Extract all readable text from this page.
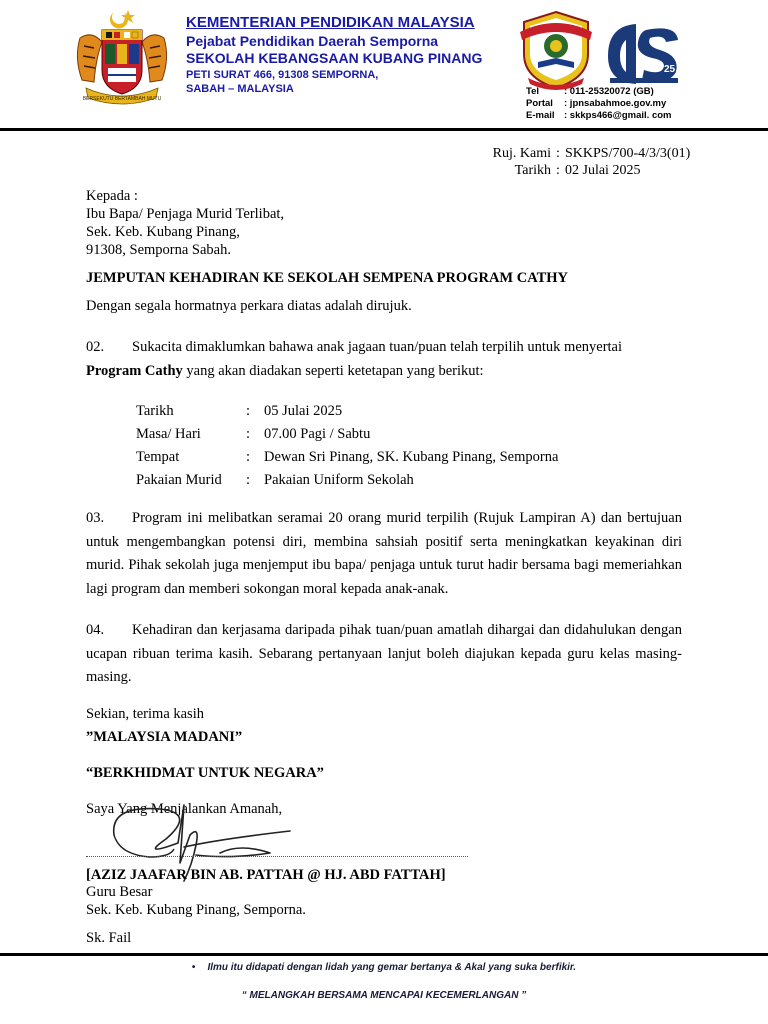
BERSEKUTU BERTAMBAH MUTU
KEMENTERIAN PENDIDIKAN MALAYSIA
Pejabat Pendidikan Daerah Semporna
SEKOLAH KEBANGSAAN KUBANG PINANG
PETI SURAT 466, 91308 SEMPORNA,
SABAH – MALAYSIA
25
Tel	: 011-25320072 (GB)
Portal : jpnsabahmoe.gov.my
E-mail : skkps466@gmail. com
Ruj. Kami : SKKPS/700-4/3/3(01)
Tarikh : 02 Julai 2025
Kepada :
Ibu Bapa/ Penjaga Murid Terlibat,
Sek. Keb. Kubang Pinang,
91308, Semporna Sabah.
JEMPUTAN KEHADIRAN KE SEKOLAH SEMPENA PROGRAM CATHY
Dengan segala hormatnya perkara diatas adalah dirujuk.
02. Sukacita dimaklumkan bahawa anak jagaan tuan/puan telah terpilih untuk menyertai
Program Cathy yang akan diadakan seperti ketetapan yang berikut:
Tarikh	: 05 Julai 2025
Masa/ Hari	: 07.00 Pagi / Sabtu
Tempat	: Dewan Sri Pinang, SK. Kubang Pinang, Semporna
Pakaian Murid : Pakaian Uniform Sekolah
03. Program ini melibatkan seramai 20 orang murid terpilih (Rujuk Lampiran A) dan bertujuan untuk mengembangkan potensi diri, membina sahsiah positif serta meningkatkan keyakinan diri murid. Pihak sekolah juga menjemput ibu bapa/ penjaga untuk turut hadir bersama bagi memeriahkan lagi program dan memberi sokongan moral kepada anak-anak.
04. Kehadiran dan kerjasama daripada pihak tuan/puan amatlah dihargai dan didahulukan dengan ucapan ribuan terima kasih. Sebarang pertanyaan lanjut boleh diajukan kepada guru kelas masing-masing.
Sekian, terima kasih
”MALAYSIA MADANI”
“BERKHIDMAT UNTUK NEGARA”
Saya Yang Menjalankan Amanah,
[AZIZ JAAFAR BIN AB. PATTAH @ HJ. ABD FATTAH]
Guru Besar
Sek. Keb. Kubang Pinang, Semporna.
Sk. Fail
• Ilmu itu didapati dengan lidah yang gemar bertanya & Akal yang suka berfikir.
“ MELANGKAH BERSAMA MENCAPAI KECEMERLANGAN ”
